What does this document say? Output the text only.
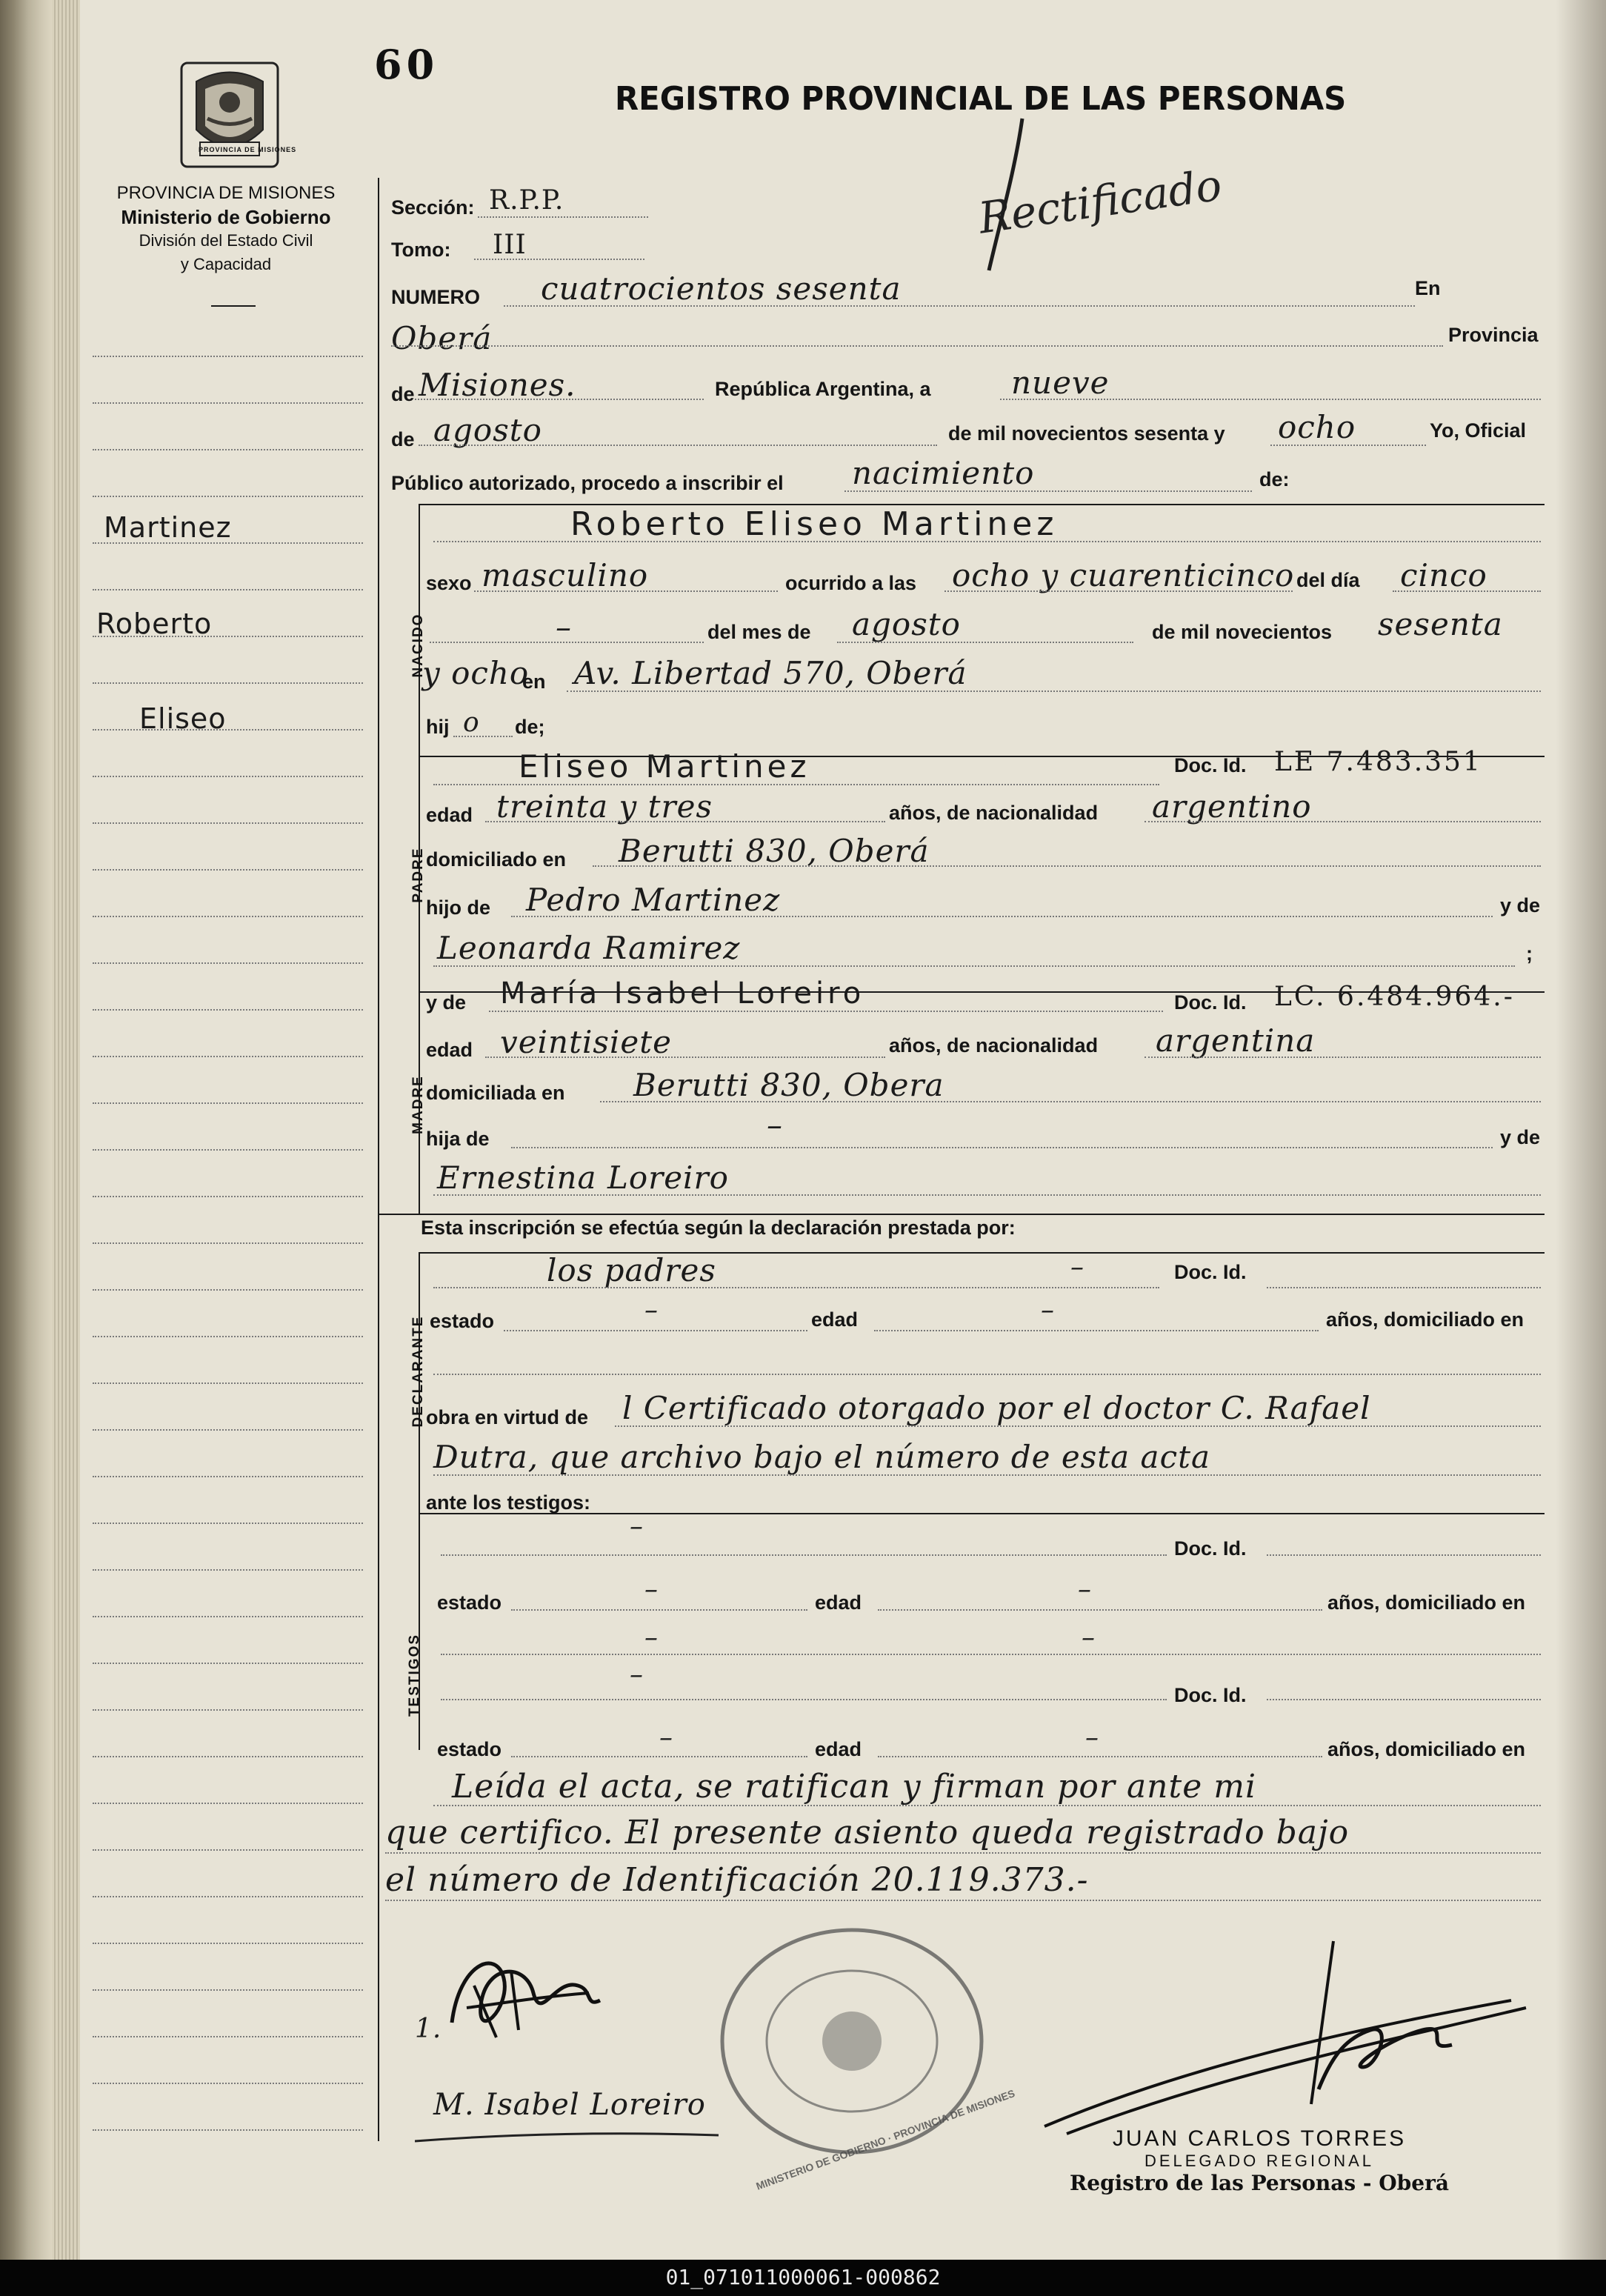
60
REGISTRO PROVINCIAL DE LAS PERSONAS
Rectificado
PROVINCIA DE MISIONES
PROVINCIA DE MISIONES
Ministerio de Gobierno
División del Estado Civil
y Capacidad
Martinez
Roberto
Eliseo
Sección: R.P.P.
Tomo: III
NUMERO cuatrocientos sesenta	En
Oberá	Provincia
de Misiones.	República Argentina, a	nueve
de agosto	de mil novecientos sesenta y ocho	Yo, Oficial
Público autorizado, procedo a inscribir el nacimiento	de:
NACIDO
Roberto Eliseo Martinez
sexo masculino	ocurrido a las ocho y cuarenticinco del día cinco
–	del mes de agosto	de mil novecientos sesenta
y ocho
en Av. Libertad 570, Oberá
hij o de;
PADRE
Eliseo Martinez	Doc. Id. LE 7.483.351
edad treinta y tres	años, de nacionalidad argentino
domiciliado en Berutti 830, Oberá
hijo de Pedro Martinez	y de
Leonarda Ramirez	;
MADRE
y de María Isabel Loreiro	Doc. Id. LC. 6.484.964.-
edad veintisiete	años, de nacionalidad argentina
domiciliada en Berutti 830, Obera
hija de	–	y de
Ernestina Loreiro
Esta inscripción se efectúa según la declaración prestada por:
DECLARANTE
los padres	–	Doc. Id.
estado	–	edad	–	años, domiciliado en
obra en virtud de l Certificado otorgado por el doctor C. Rafael
Dutra, que archivo bajo el número de esta acta
ante los testigos:
TESTIGOS
–
Doc. Id.
estado	–	edad	–	años, domiciliado en
–	–
–
Doc. Id.
estado	–	edad	–	años, domiciliado en
Leída el acta, se ratifican y firman por ante mi
que certifico. El presente asiento queda registrado bajo
el número de Identificación 20.119.373.-
1.
M. Isabel Loreiro	MINISTERIO DE GOBIERNO · PROVINCIA DE MISIONES	JUAN CARLOS TORRES
DELEGADO REGIONAL
Registro de las Personas - Oberá
01_071011000061-000862
